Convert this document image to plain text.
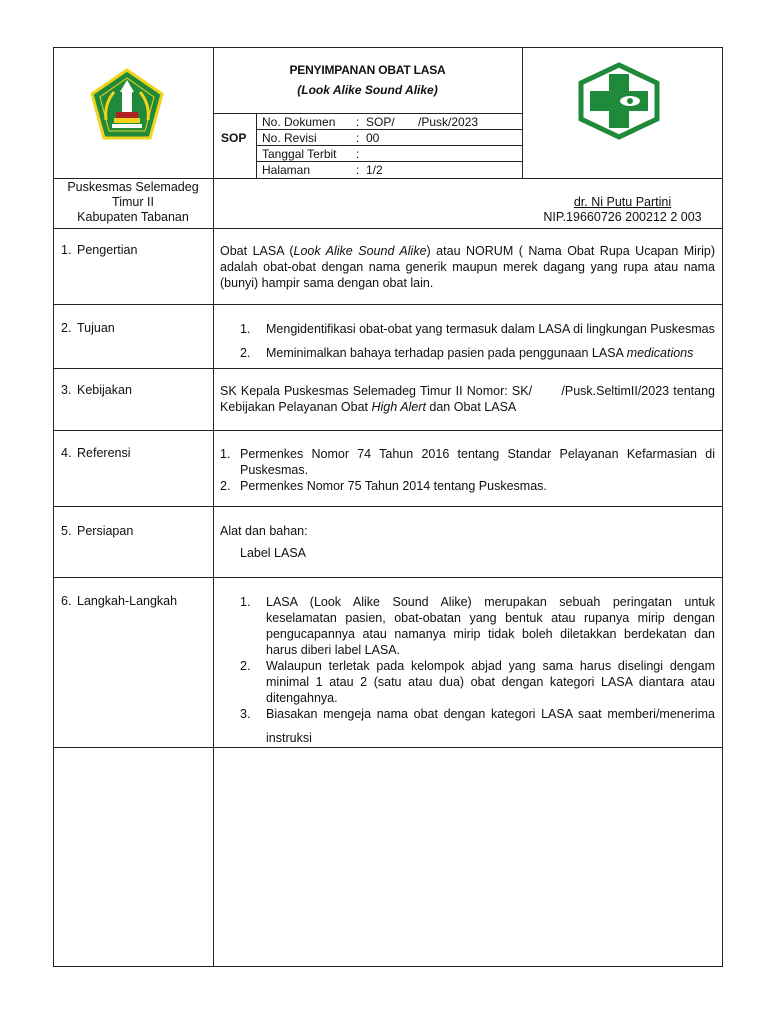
PENYIMPANAN OBAT LASA
(Look Alike Sound Alike)
SOP
No. Dokumen : SOP/       /Pusk/2023
No. Revisi	: 00
Tanggal Terbit :
Halaman	: 1/2
Puskesmas Selemadeg
Timur II
Kabupaten Tabanan
dr. Ni Putu Partini
NIP.19660726 200212 2 003
1. Pengertian	Obat LASA (Look Alike Sound Alike) atau NORUM ( Nama Obat Rupa Ucapan Mirip) adalah obat-obat dengan nama generik maupun merek dagang yang rupa atau nama (bunyi) hampir sama dengan obat lain.
2. Tujuan	1. Mengidentifikasi obat-obat yang termasuk dalam LASA di lingkungan Puskesmas
2. Meminimalkan bahaya terhadap pasien pada penggunaan LASA medications
3. Kebijakan	SK Kepala Puskesmas Selemadeg Timur II Nomor: SK/       /Pusk.SeltimII/2023 tentang Kebijakan Pelayanan Obat High Alert dan Obat LASA
4. Referensi	1. Permenkes Nomor 74 Tahun 2016 tentang Standar Pelayanan Kefarmasian di Puskesmas.
2. Permenkes Nomor 75 Tahun 2014 tentang Puskesmas.
5. Persiapan	Alat dan bahan:
Label LASA
6. Langkah-Langkah	1. LASA (Look Alike Sound Alike) merupakan sebuah peringatan untuk keselamatan pasien, obat-obatan yang bentuk atau rupanya mirip dengan pengucapannya atau namanya mirip tidak boleh diletakkan berdekatan dan harus diberi label LASA.
2. Walaupun terletak pada kelompok abjad yang sama harus diselingi dengam minimal 1 atau 2 (satu atau dua) obat dengan kategori LASA diantara atau ditengahnya.
3. Biasakan mengeja nama obat dengan kategori LASA saat memberi/menerima instruksi
